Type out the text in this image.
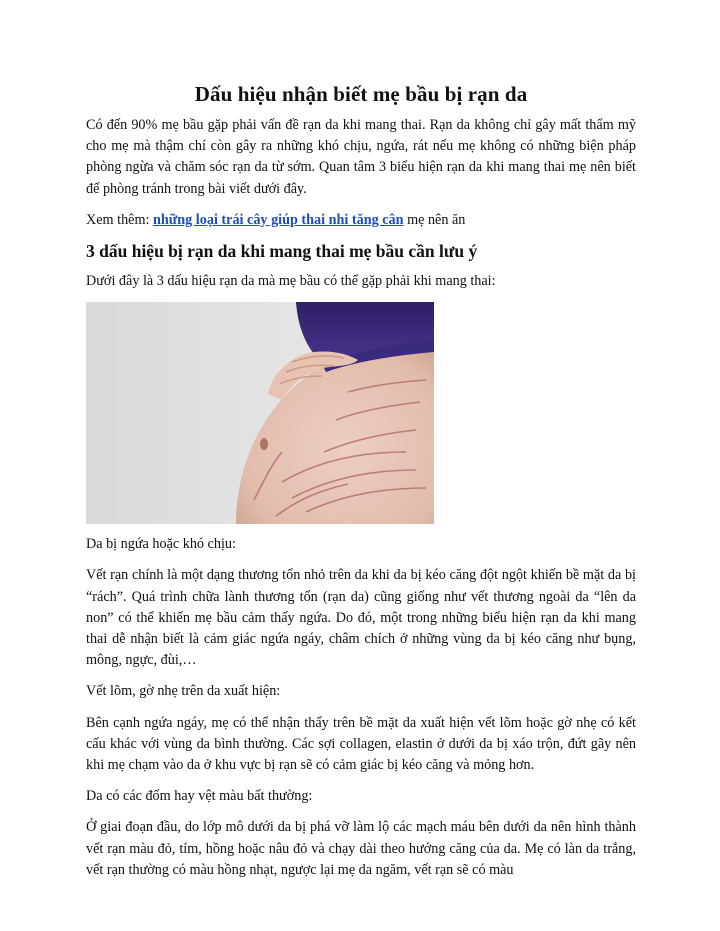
Dấu hiệu nhận biết mẹ bầu bị rạn da

Có đến 90% mẹ bầu gặp phải vấn đề rạn da khi mang thai. Rạn da không chỉ gây mất thẩm mỹ cho mẹ mà thậm chí còn gây ra những khó chịu, ngứa, rát nếu mẹ không có những biện pháp phòng ngừa và chăm sóc rạn da từ sớm. Quan tâm 3 biểu hiện rạn da khi mang thai mẹ nên biết để phòng tránh trong bài viết dưới đây.

Xem thêm: những loại trái cây giúp thai nhi tăng cân mẹ nên ăn

3 dấu hiệu bị rạn da khi mang thai mẹ bầu cần lưu ý

Dưới đây là 3 dấu hiệu rạn da mà mẹ bầu có thể gặp phải khi mang thai:

Da bị ngứa hoặc khó chịu:

Vết rạn chính là một dạng thương tổn nhỏ trên da khi da bị kéo căng đột ngột khiến bề mặt da bị “rách”. Quá trình chữa lành thương tổn (rạn da) cũng giống như vết thương ngoài da “lên da non” có thể khiến mẹ bầu cảm thấy ngứa. Do đó, một trong những biểu hiện rạn da khi mang thai dễ nhận biết là cảm giác ngứa ngáy, châm chích ở những vùng da bị kéo căng như bụng, mông, ngực, đùi,…

Vết lõm, gờ nhẹ trên da xuất hiện:

Bên cạnh ngứa ngáy, mẹ có thể nhận thấy trên bề mặt da xuất hiện vết lõm hoặc gờ nhẹ có kết cấu khác với vùng da bình thường. Các sợi collagen, elastin ở dưới da bị xáo trộn, đứt gãy nên khi mẹ chạm vào da ở khu vực bị rạn sẽ có cảm giác bị kéo căng và mỏng hơn.

Da có các đốm hay vệt màu bất thường:

Ở giai đoạn đầu, do lớp mô dưới da bị phá vỡ làm lộ các mạch máu bên dưới da nên hình thành vết rạn màu đỏ, tím, hồng hoặc nâu đỏ và chạy dài theo hướng căng của da. Mẹ có làn da trắng, vết rạn thường có màu hồng nhạt, ngược lại mẹ da ngăm, vết rạn sẽ có màu
